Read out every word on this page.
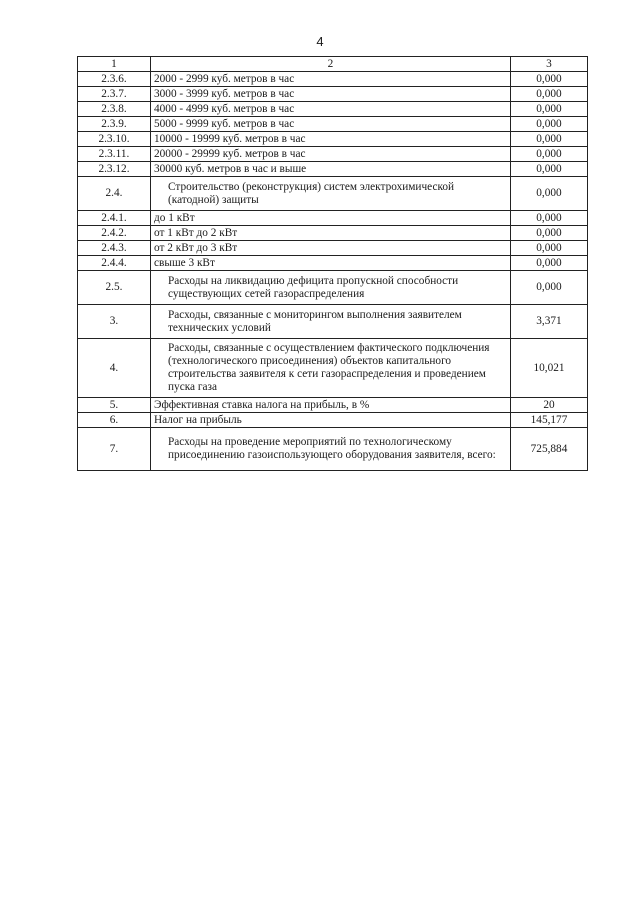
4
1	2	3
2.3.6.	2000 - 2999 куб. метров в час	0,000
2.3.7.	3000 - 3999 куб. метров в час	0,000
2.3.8.	4000 - 4999 куб. метров в час	0,000
2.3.9.	5000 - 9999 куб. метров в час	0,000
2.3.10.	10000 - 19999 куб. метров в час	0,000
2.3.11.	20000 - 29999 куб. метров в час	0,000
2.3.12.	30000 куб. метров в час и выше	0,000
2.4.	Строительство (реконструкция) систем электрохимической (катодной) защиты	0,000
2.4.1.	до 1 кВт	0,000
2.4.2.	от 1 кВт до 2 кВт	0,000
2.4.3.	от 2 кВт до 3 кВт	0,000
2.4.4.	свыше 3 кВт	0,000
2.5.	Расходы на ликвидацию дефицита пропускной способности существующих сетей газораспределения	0,000
3.	Расходы, связанные с мониторингом выполнения заявителем технических условий	3,371
4.	Расходы, связанные с осуществлением фактического подключения (технологического присоединения) объектов капитального строительства заявителя к сети газораспределения и проведением пуска газа	10,021
5.	Эффективная ставка налога на прибыль, в %	20
6.	Налог на прибыль	145,177
7.	Расходы на проведение мероприятий по технологическому присоединению газоиспользующего оборудования заявителя, всего:	725,884
